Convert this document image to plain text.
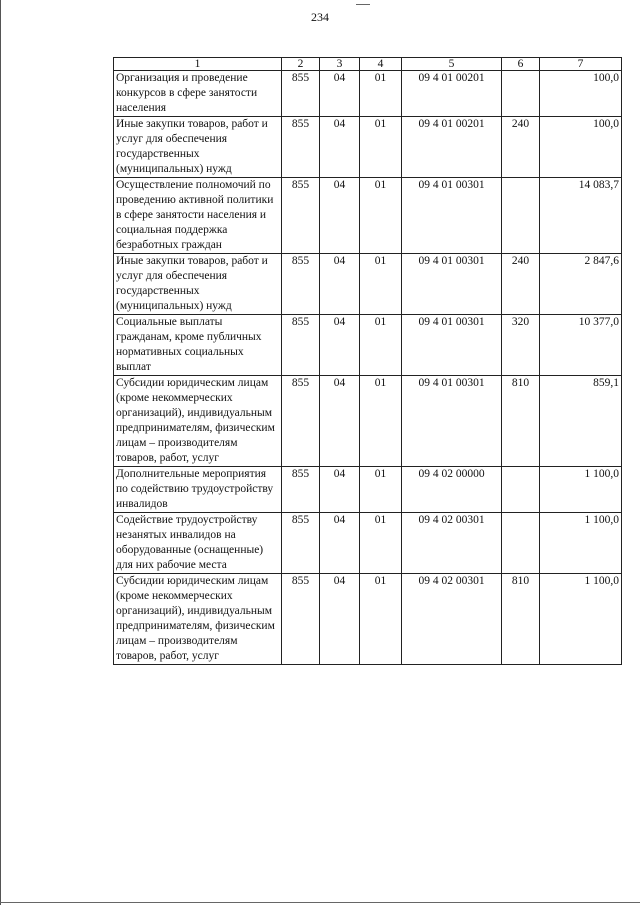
234
1	2	3	4	5	6	7
Организация и проведение конкурсов в сфере занятости населения	855	04	01	09 4 01 00201		100,0
Иные закупки товаров, работ и услуг для обеспечения государственных (муниципальных) нужд	855	04	01	09 4 01 00201	240	100,0
Осуществление полномочий по проведению активной политики в сфере занятости населения и социальная поддержка безработных граждан	855	04	01	09 4 01 00301		14 083,7
Иные закупки товаров, работ и услуг для обеспечения государственных (муниципальных) нужд	855	04	01	09 4 01 00301	240	2 847,6
Социальные выплаты гражданам, кроме публичных нормативных социальных выплат	855	04	01	09 4 01 00301	320	10 377,0
Субсидии юридическим лицам (кроме некоммерческих организаций), индивидуальным предпринимателям, физическим лицам – производителям товаров, работ, услуг	855	04	01	09 4 01 00301	810	859,1
Дополнительные мероприятия по содействию трудоустройству инвалидов	855	04	01	09 4 02 00000		1 100,0
Содействие трудоустройству незанятых инвалидов на оборудованные (оснащенные) для них рабочие места	855	04	01	09 4 02 00301		1 100,0
Субсидии юридическим лицам (кроме некоммерческих организаций), индивидуальным предпринимателям, физическим лицам – производителям товаров, работ, услуг	855	04	01	09 4 02 00301	810	1 100,0
